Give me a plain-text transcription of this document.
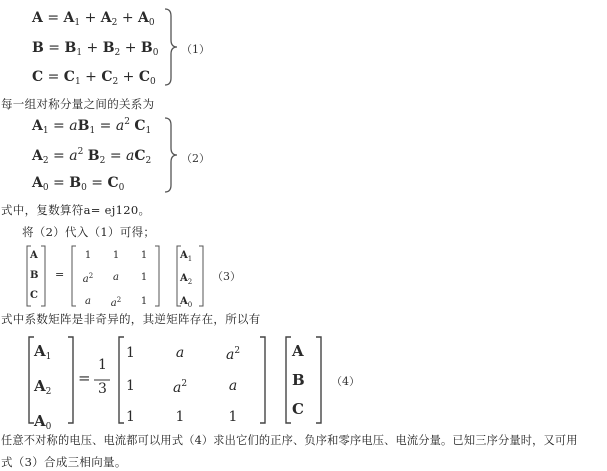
$A = A_1 + A_2 + A_0$
$B = B_1 + B_2 + B_0$
$C = C_1 + C_2 + C_0$
（1）
每一组对称分量之间的关系为
$A_1 = aB_1 = a^2$ $C_1$
$A_2 = a^2$ $B_2 = aC_2$
$A_0 = B_0 = C_0$
（2）
式中，复数算符a= ej120。
将（2）代入（1）可得；
A
B
C
=
1	1	1
$a^2$	a	1
a	$a^2$	1
$A_1$
$A_2$
$A_0$
（3）
式中系数矩阵是非奇异的，其逆矩阵存在，所以有
$A_1$
$A_2$
$A_0$
=
1
3
1	a	$a^2$
1	$a^2$	a
1	1	1
A
B
C
（4）
任意不对称的电压、电流都可以用式（4）求出它们的正序、负序和零序电压、电流分量。已知三序分量时，又可用
式（3）合成三相向量。
